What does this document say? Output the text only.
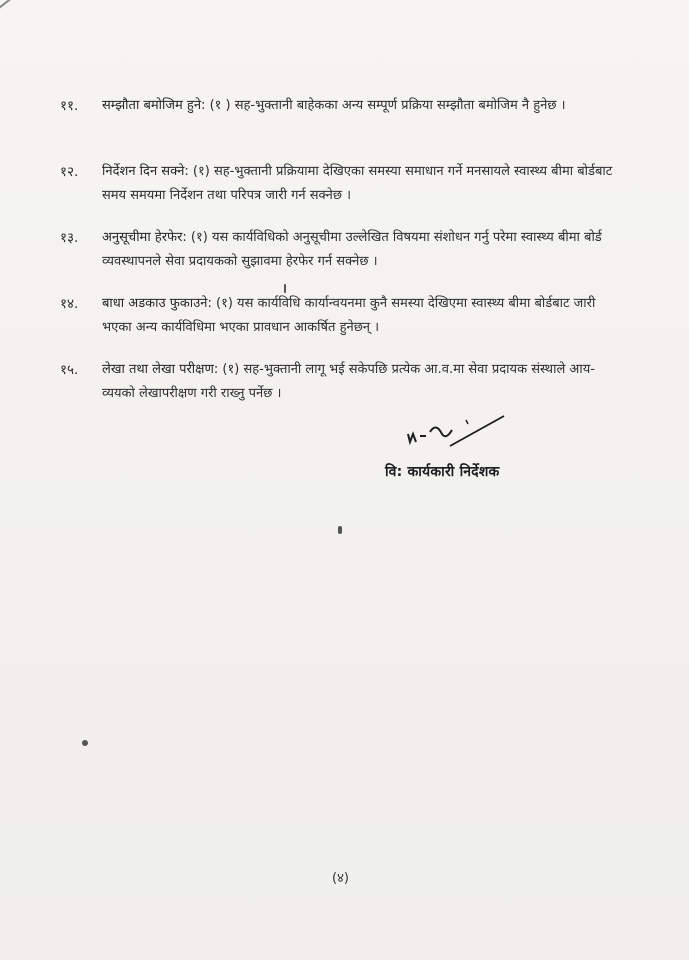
११.	सम्झौता बमोजिम हुने: (१ ) सह-भुक्तानी बाहेकका अन्य सम्पूर्ण प्रक्रिया सम्झौता बमोजिम नै हुनेछ ।
१२.	निर्देशन दिन सक्ने: (१) सह-भुक्तानी प्रक्रियामा देखिएका समस्या समाधान गर्ने मनसायले स्वास्थ्य बीमा बोर्डबाट समय समयमा निर्देशन तथा परिपत्र जारी गर्न सक्नेछ ।
१३.	अनुसूचीमा हेरफेर: (१) यस कार्यविधिको अनुसूचीमा उल्लेखित विषयमा संशोधन गर्नु परेमा स्वास्थ्य बीमा बोर्ड व्यवस्थापनले सेवा प्रदायकको सुझावमा हेरफेर गर्न सक्नेछ ।
१४.	बाधा अडकाउ फुकाउने: (१) यस कार्यविधि कार्यान्वयनमा कुनै समस्या देखिएमा स्वास्थ्य बीमा बोर्डबाट जारी भएका अन्य कार्यविधिमा भएका प्रावधान आकर्षित हुनेछन् ।
१५.	लेखा तथा लेखा परीक्षण: (१) सह-भुक्तानी लागू भई सकेपछि प्रत्येक आ.व.मा सेवा प्रदायक संस्थाले आय-व्ययको लेखापरीक्षण गरी राख्नु पर्नेछ ।
वि: कार्यकारी निर्देशक
(४)
